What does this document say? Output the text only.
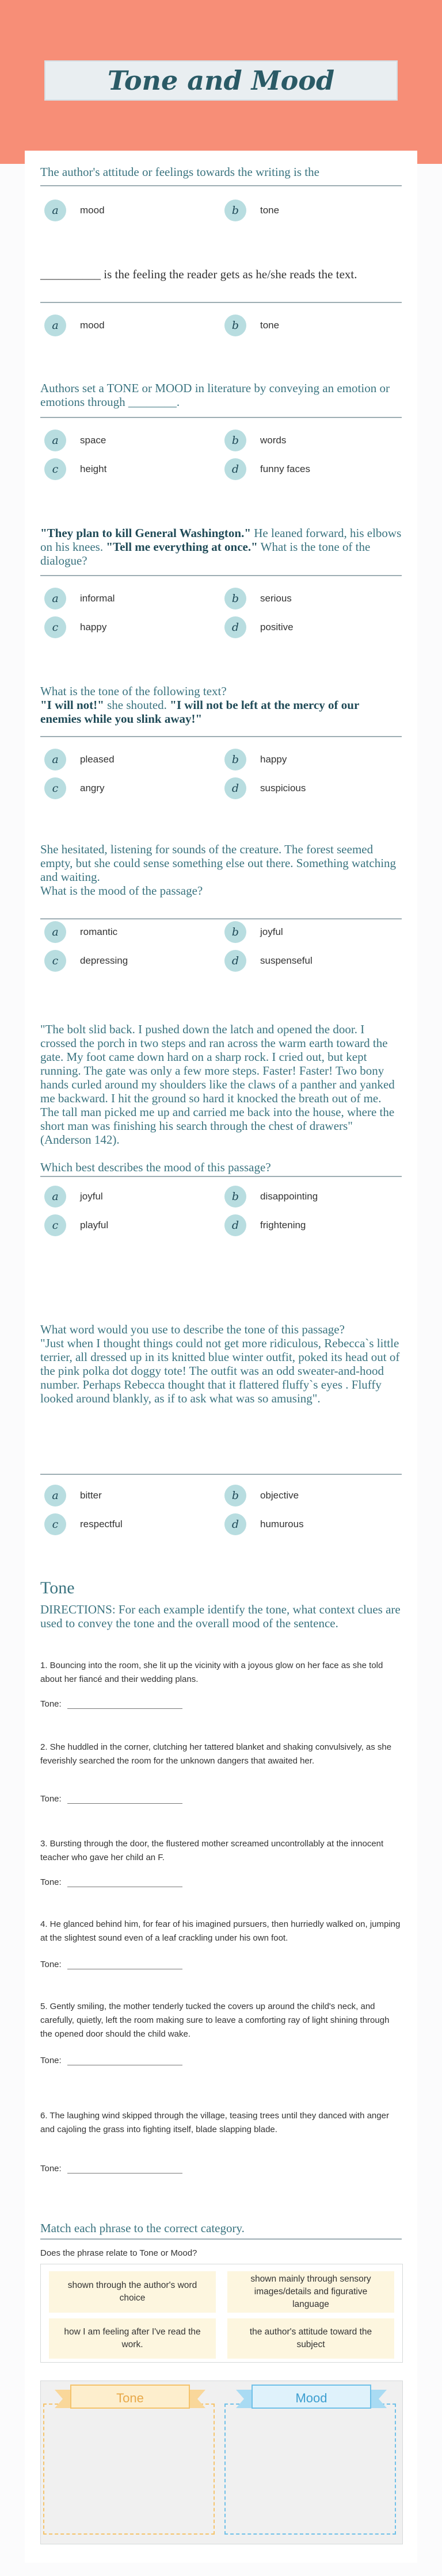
Tone and Mood
The author's attitude or feelings towards the writing is the
a	mood	b	tone
__________ is the feeling the reader gets as he/she reads the text.
a	mood	b	tone
Authors set a TONE or MOOD in literature by conveying an emotion or emotions through ________.
a	space	b	words
c	height	d	funny faces
"They plan to kill General Washington." He leaned forward, his elbows on his knees. "Tell me everything at once." What is the tone of the dialogue?
a	informal	b	serious
c	happy	d	positive
What is the tone of the following text?
"I will not!" she shouted. "I will not be left at the mercy of our enemies while you slink away!"
a	pleased	b	happy
c	angry	d	suspicious
She hesitated, listening for sounds of the creature. The forest seemed empty, but she could sense something else out there. Something watching and waiting.
What is the mood of the passage?
a	romantic	b	joyful
c	depressing	d	suspenseful
"The bolt slid back. I pushed down the latch and opened the door. I crossed the porch in two steps and ran across the warm earth toward the gate. My foot came down hard on a sharp rock. I cried out, but kept running. The gate was only a few more steps. Faster! Faster! Two bony hands curled around my shoulders like the claws of a panther and yanked me backward. I hit the ground so hard it knocked the breath out of me. The tall man picked me up and carried me back into the house, where the short man was finishing his search through the chest of drawers" (Anderson 142).
Which best describes the mood of this passage?
a	joyful	b	disappointing
c	playful	d	frightening
What word would you use to describe the tone of this passage?
"Just when I thought things could not get more ridiculous, Rebecca`s little terrier, all dressed up in its knitted blue winter outfit, poked its head out of the pink polka dot doggy tote! The outfit was an odd sweater-and-hood number. Perhaps Rebecca thought that it flattered fluffy`s eyes . Fluffy looked around blankly, as if to ask what was so amusing".
a	bitter	b	objective
c	respectful	d	humurous
Tone
DIRECTIONS: For each example identify the tone, what context clues are used to convey the tone and the overall mood of the sentence.
1. Bouncing into the room, she lit up the vicinity with a joyous glow on her face as she told about her fiancé and their wedding plans.
Tone:
2. She huddled in the corner, clutching her tattered blanket and shaking convulsively, as she feverishly searched the room for the unknown dangers that awaited her.
Tone:
3. Bursting through the door, the flustered mother screamed uncontrollably at the innocent teacher who gave her child an F.
Tone:
4. He glanced behind him, for fear of his imagined pursuers, then hurriedly walked on, jumping at the slightest sound even of a leaf crackling under his own foot.
Tone:
5. Gently smiling, the mother tenderly tucked the covers up around the child's neck, and carefully, quietly, left the room making sure to leave a comforting ray of light shining through the opened door should the child wake.
Tone:
6. The laughing wind skipped through the village, teasing trees until they danced with anger and cajoling the grass into fighting itself, blade slapping blade.
Tone:
Match each phrase to the correct category.
Does the phrase relate to Tone or Mood?
shown through the author's word choice
shown mainly through sensory images/details and figurative language
how I am feeling after I've read the work.
the author's attitude toward the subject
Tone	Mood
